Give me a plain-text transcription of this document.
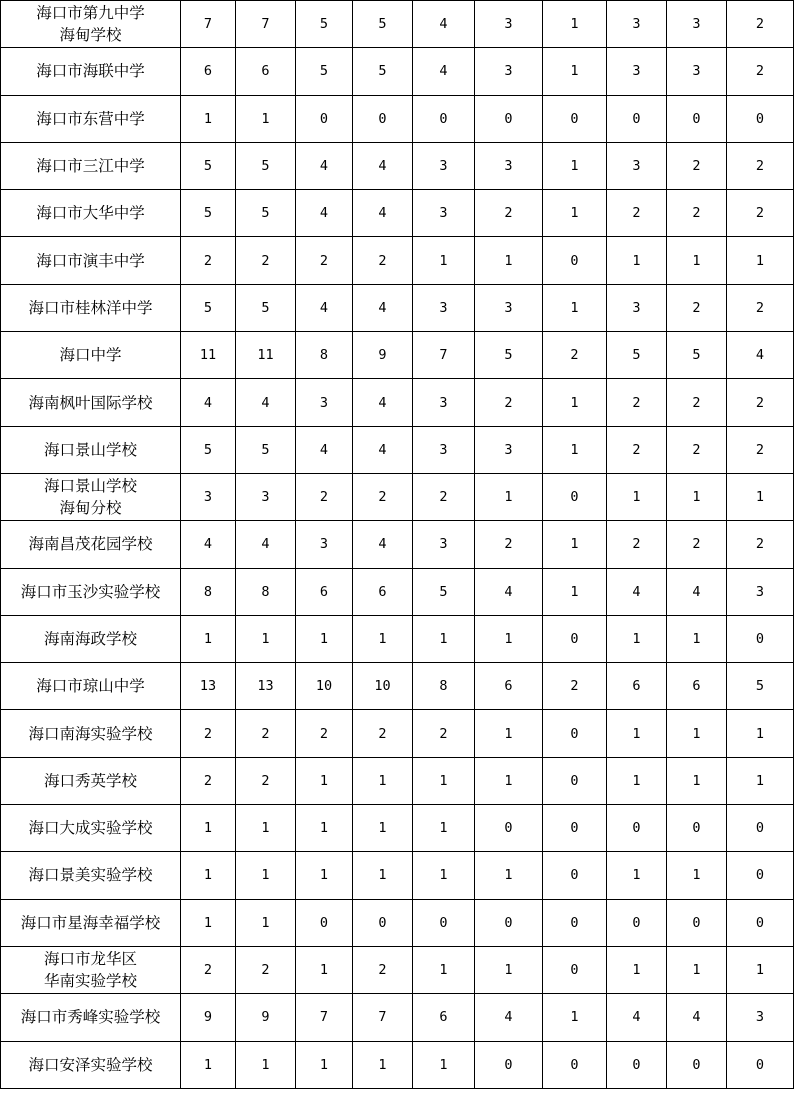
海口市第九中学
海甸学校	7	7	5	5	4	3	1	3	3	2
海口市海联中学	6	6	5	5	4	3	1	3	3	2
海口市东营中学	1	1	0	0	0	0	0	0	0	0
海口市三江中学	5	5	4	4	3	3	1	3	2	2
海口市大华中学	5	5	4	4	3	2	1	2	2	2
海口市演丰中学	2	2	2	2	1	1	0	1	1	1
海口市桂林洋中学	5	5	4	4	3	3	1	3	2	2
海口中学	11	11	8	9	7	5	2	5	5	4
海南枫叶国际学校	4	4	3	4	3	2	1	2	2	2
海口景山学校	5	5	4	4	3	3	1	2	2	2
海口景山学校
海甸分校	3	3	2	2	2	1	0	1	1	1
海南昌茂花园学校	4	4	3	4	3	2	1	2	2	2
海口市玉沙实验学校	8	8	6	6	5	4	1	4	4	3
海南海政学校	1	1	1	1	1	1	0	1	1	0
海口市琼山中学	13	13	10	10	8	6	2	6	6	5
海口南海实验学校	2	2	2	2	2	1	0	1	1	1
海口秀英学校	2	2	1	1	1	1	0	1	1	1
海口大成实验学校	1	1	1	1	1	0	0	0	0	0
海口景美实验学校	1	1	1	1	1	1	0	1	1	0
海口市星海幸福学校	1	1	0	0	0	0	0	0	0	0
海口市龙华区
华南实验学校	2	2	1	2	1	1	0	1	1	1
海口市秀峰实验学校	9	9	7	7	6	4	1	4	4	3
海口安泽实验学校	1	1	1	1	1	0	0	0	0	0
